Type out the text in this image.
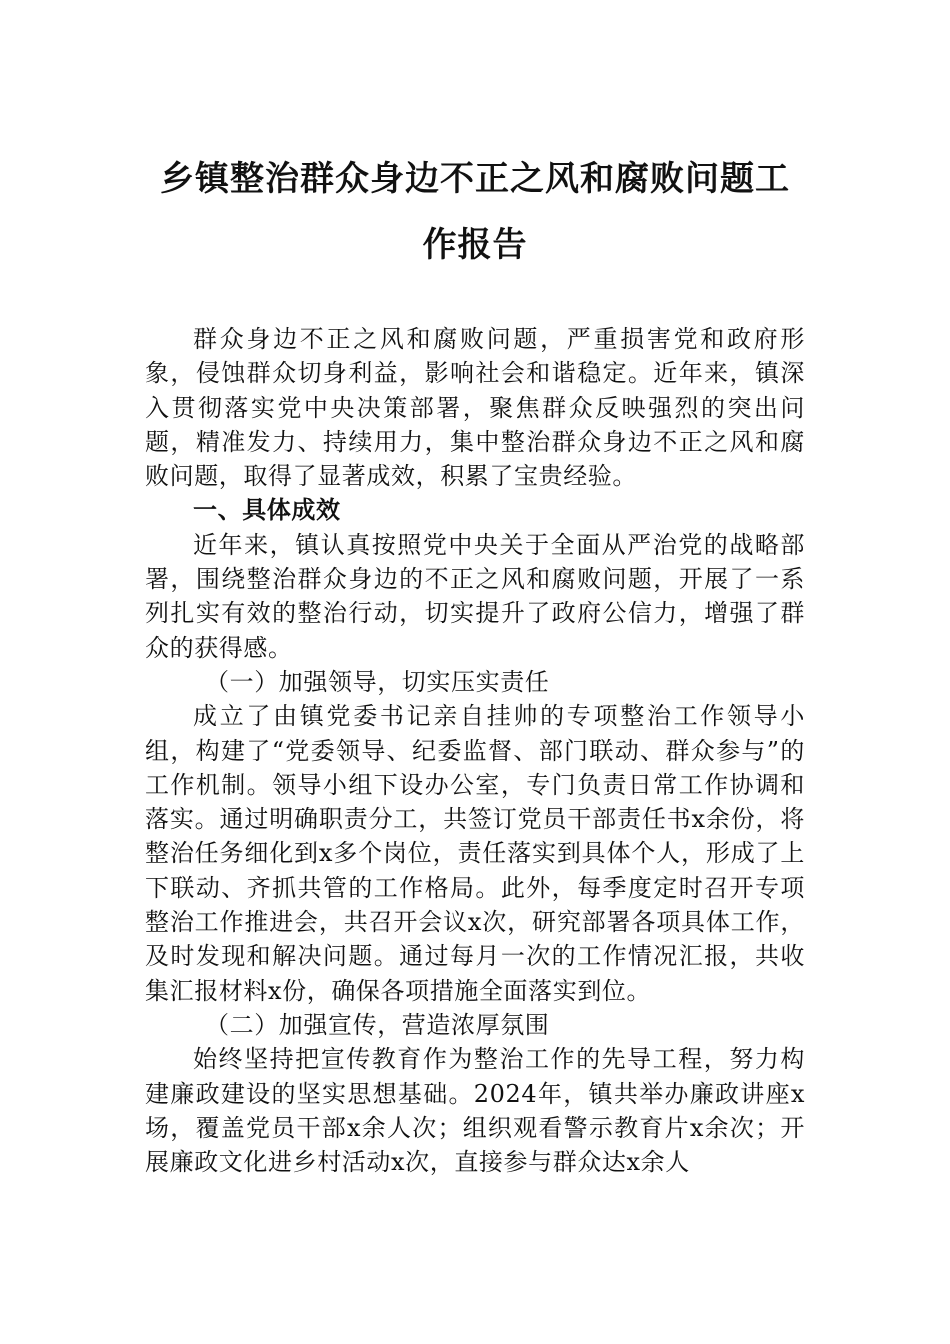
乡镇整治群众身边不正之风和腐败问题工作报告

群众身边不正之风和腐败问题，严重损害党和政府形象，侵蚀群众切身利益，影响社会和谐稳定。近年来，镇深入贯彻落实党中央决策部署，聚焦群众反映强烈的突出问题，精准发力、持续用力，集中整治群众身边不正之风和腐败问题，取得了显著成效，积累了宝贵经验。

一、具体成效

近年来，镇认真按照党中央关于全面从严治党的战略部署，围绕整治群众身边的不正之风和腐败问题，开展了一系列扎实有效的整治行动，切实提升了政府公信力，增强了群众的获得感。

（一）加强领导，切实压实责任

成立了由镇党委书记亲自挂帅的专项整治工作领导小组，构建了“党委领导、纪委监督、部门联动、群众参与”的工作机制。领导小组下设办公室，专门负责日常工作协调和落实。通过明确职责分工，共签订党员干部责任书x余份，将整治任务细化到x多个岗位，责任落实到具体个人，形成了上下联动、齐抓共管的工作格局。此外，每季度定时召开专项整治工作推进会，共召开会议x次，研究部署各项具体工作，及时发现和解决问题。通过每月一次的工作情况汇报，共收集汇报材料x份，确保各项措施全面落实到位。

（二）加强宣传，营造浓厚氛围

始终坚持把宣传教育作为整治工作的先导工程，努力构建廉政建设的坚实思想基础。2024年，镇共举办廉政讲座x场，覆盖党员干部x余人次；组织观看警示教育片x余次；开展廉政文化进乡村活动x次，直接参与群众达x余人
